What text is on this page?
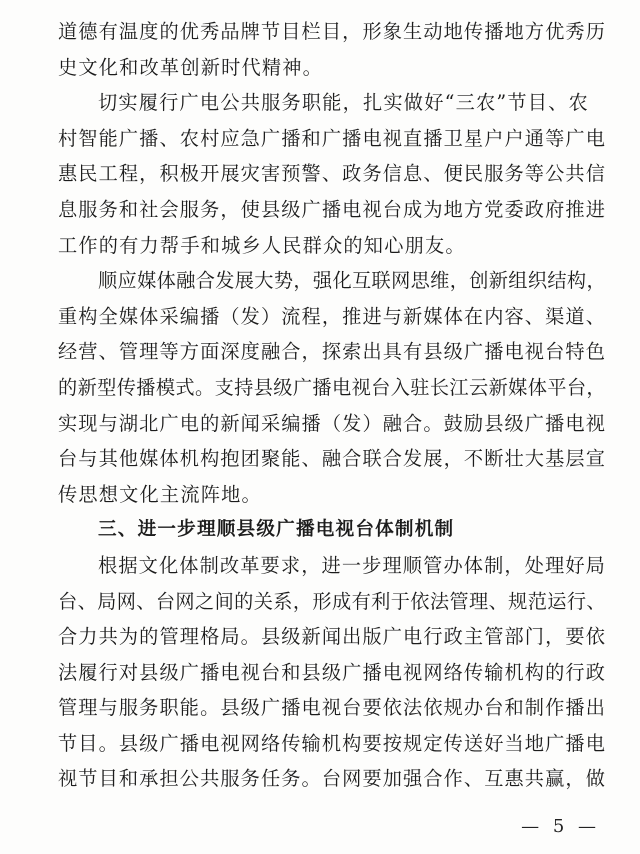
道德有温度的优秀品牌节目栏目，形象生动地传播地方优秀历
史文化和改革创新时代精神。
切实履行广电公共服务职能，扎实做好“三农”节目、农
村智能广播、农村应急广播和广播电视直播卫星户户通等广电
惠民工程，积极开展灾害预警、政务信息、便民服务等公共信
息服务和社会服务，使县级广播电视台成为地方党委政府推进
工作的有力帮手和城乡人民群众的知心朋友。
顺应媒体融合发展大势，强化互联网思维，创新组织结构，
重构全媒体采编播（发）流程，推进与新媒体在内容、渠道、
经营、管理等方面深度融合，探索出具有县级广播电视台特色
的新型传播模式。支持县级广播电视台入驻长江云新媒体平台，
实现与湖北广电的新闻采编播（发）融合。鼓励县级广播电视
台与其他媒体机构抱团聚能、融合联合发展，不断壮大基层宣
传思想文化主流阵地。
三、进一步理顺县级广播电视台体制机制
根据文化体制改革要求，进一步理顺管办体制，处理好局
台、局网、台网之间的关系，形成有利于依法管理、规范运行、
合力共为的管理格局。县级新闻出版广电行政主管部门，要依
法履行对县级广播电视台和县级广播电视网络传输机构的行政
管理与服务职能。县级广播电视台要依法依规办台和制作播出
节目。县级广播电视网络传输机构要按规定传送好当地广播电
视节目和承担公共服务任务。台网要加强合作、互惠共赢，做
— 5 —
